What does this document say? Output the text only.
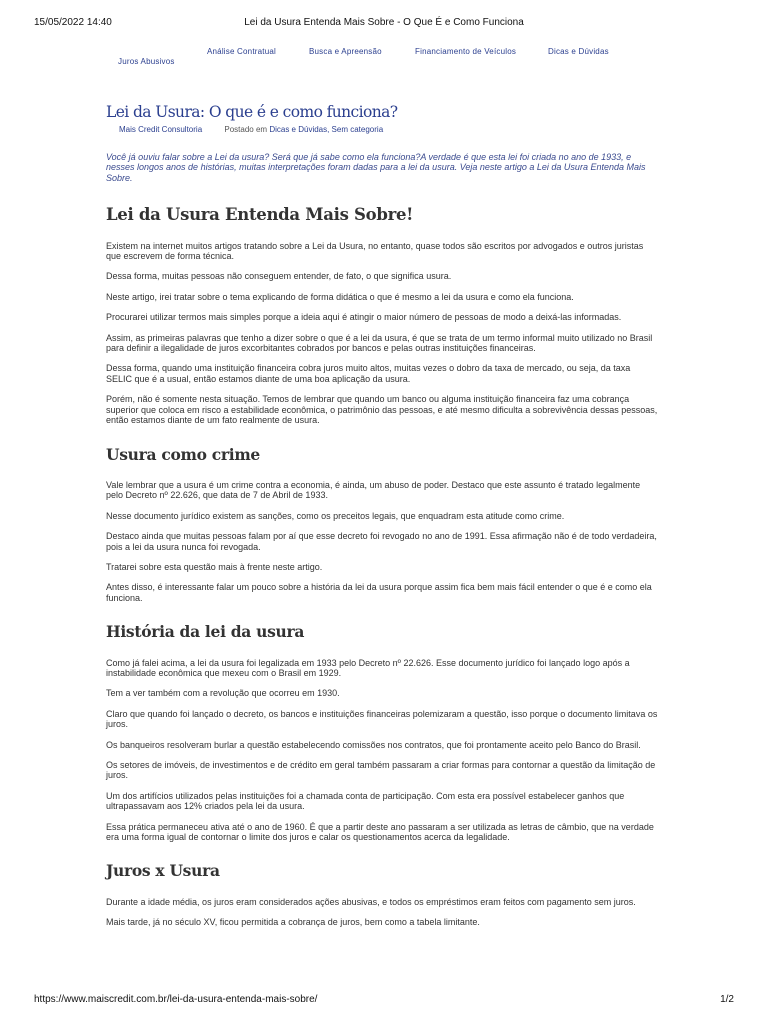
15/05/2022 14:40	Lei da Usura Entenda Mais Sobre - O Que É e Como Funciona
Análise Contratual	Busca e Apreensão	Financiamento de Veículos	Dicas e Dúvidas
Juros Abusivos
Lei da Usura: O que é e como funciona?
Mais Credit Consultoria	Postado em Dicas e Dúvidas, Sem categoria

Você já ouviu falar sobre a Lei da usura? Será que já sabe como ela funciona?A verdade é que esta lei foi criada no ano de 1933, e nesses longos anos de histórias, muitas interpretações foram dadas para a lei da usura. Veja neste artigo a Lei da Usura Entenda Mais Sobre.

Lei da Usura Entenda Mais Sobre!

Existem na internet muitos artigos tratando sobre a Lei da Usura, no entanto, quase todos são escritos por advogados e outros juristas que escrevem de forma técnica.

Dessa forma, muitas pessoas não conseguem entender, de fato, o que significa usura.

Neste artigo, irei tratar sobre o tema explicando de forma didática o que é mesmo a lei da usura e como ela funciona.

Procurarei utilizar termos mais simples porque a ideia aqui é atingir o maior número de pessoas de modo a deixá-las informadas.

Assim, as primeiras palavras que tenho a dizer sobre o que é a lei da usura, é que se trata de um termo informal muito utilizado no Brasil para definir a ilegalidade de juros excorbitantes cobrados por bancos e pelas outras instituições financeiras.

Dessa forma, quando uma instituição financeira cobra juros muito altos, muitas vezes o dobro da taxa de mercado, ou seja, da taxa SELIC que é a usual, então estamos diante de uma boa aplicação da usura.

Porém, não é somente nesta situação. Temos de lembrar que quando um banco ou alguma instituição financeira faz uma cobrança superior que coloca em risco a estabilidade econômica, o patrimônio das pessoas, e até mesmo dificulta a sobrevivência dessas pessoas, então estamos diante de um fato realmente de usura.

Usura como crime

Vale lembrar que a usura é um crime contra a economia, é ainda, um abuso de poder. Destaco que este assunto é tratado legalmente pelo Decreto nº 22.626, que data de 7 de Abril de 1933.

Nesse documento jurídico existem as sanções, como os preceitos legais, que enquadram esta atitude como crime.

Destaco ainda que muitas pessoas falam por aí que esse decreto foi revogado no ano de 1991. Essa afirmação não é de todo verdadeira, pois a lei da usura nunca foi revogada.

Tratarei sobre esta questão mais à frente neste artigo.

Antes disso, é interessante falar um pouco sobre a história da lei da usura porque assim fica bem mais fácil entender o que é e como ela funciona.

História da lei da usura

Como já falei acima, a lei da usura foi legalizada em 1933 pelo Decreto nº 22.626. Esse documento jurídico foi lançado logo após a instabilidade econômica que mexeu com o Brasil em 1929.

Tem a ver também com a revolução que ocorreu em 1930.

Claro que quando foi lançado o decreto, os bancos e instituições financeiras polemizaram a questão, isso porque o documento limitava os juros.

Os banqueiros resolveram burlar a questão estabelecendo comissões nos contratos, que foi prontamente aceito pelo Banco do Brasil.

Os setores de imóveis, de investimentos e de crédito em geral também passaram a criar formas para contornar a questão da limitação de juros.

Um dos artifícios utilizados pelas instituições foi a chamada conta de participação. Com esta era possível estabelecer ganhos que ultrapassavam aos 12% criados pela lei da usura.

Essa prática permaneceu ativa até o ano de 1960. É que a partir deste ano passaram a ser utilizada as letras de câmbio, que na verdade era uma forma igual de contornar o limite dos juros e calar os questionamentos acerca da legalidade.

Juros x Usura

Durante a idade média, os juros eram considerados ações abusivas, e todos os empréstimos eram feitos com pagamento sem juros.

Mais tarde, já no século XV, ficou permitida a cobrança de juros, bem como a tabela limitante.

https://www.maiscredit.com.br/lei-da-usura-entenda-mais-sobre/	1/2
